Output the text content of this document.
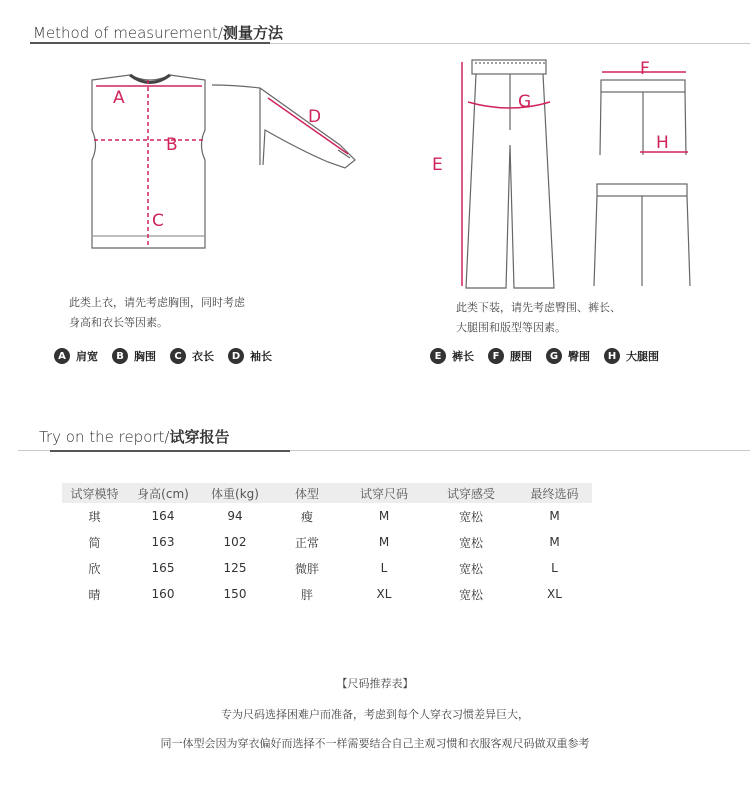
Method of measurement/测量方法
A
B
C
D
E
F
G
H
此类上衣，请先考虑胸围，同时考虑
身高和衣长等因素。
此类下装，请先考虑臀围、裤长、
大腿围和版型等因素。
A 肩宽	B 胸围	C 衣长	D 袖长	E 裤长	F 腰围	G 臀围	H 大腿围
Try on the report/试穿报告
试穿模特	身高(cm)	体重(kg)	体型	试穿尺码	试穿感受	最终选码
琪	164	94	瘦	M	宽松	M
简	163	102	正常	M	宽松	M
欣	165	125	微胖	L	宽松	L
晴	160	150	胖	XL	宽松	XL
【尺码推荐表】
专为尺码选择困难户而准备，考虑到每个人穿衣习惯差异巨大，
同一体型会因为穿衣偏好而选择不一样需要结合自己主观习惯和衣服客观尺码做双重参考
